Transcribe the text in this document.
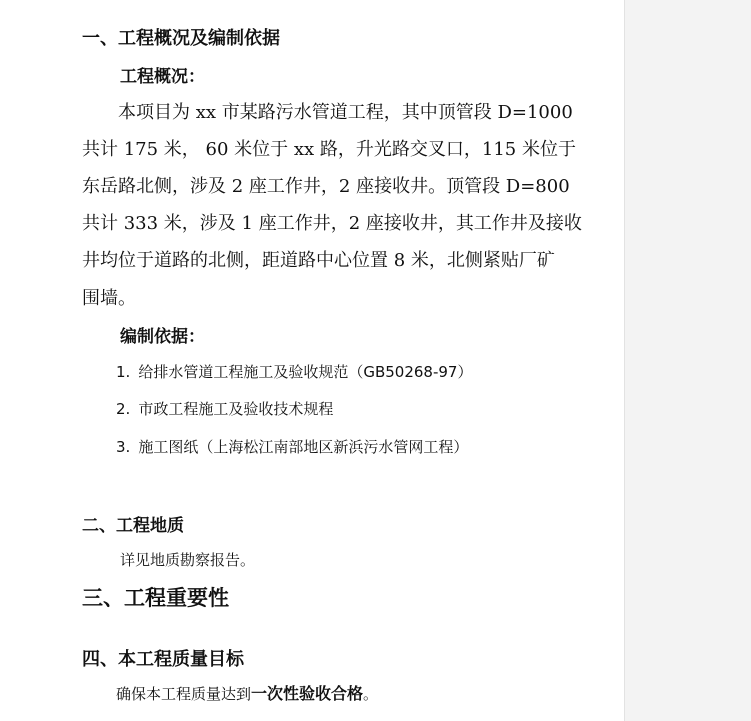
一、工程概况及编制依据
工程概况：
本项目为 xx 市某路污水管道工程，其中顶管段 D=1000
共计 175 米， 60 米位于 xx 路，升光路交叉口，115 米位于
东岳路北侧，涉及 2 座工作井，2 座接收井。顶管段 D=800
共计 333 米，涉及 1 座工作井，2 座接收井，其工作井及接收
井均位于道路的北侧，距道路中心位置 8 米，北侧紧贴厂矿
围墙。
编制依据：
1. 给排水管道工程施工及验收规范（GB50268-97）
2. 市政工程施工及验收技术规程
3. 施工图纸（上海松江南部地区新浜污水管网工程）
二、工程地质
详见地质勘察报告。
三、工程重要性
四、本工程质量目标
确保本工程质量达到一次性验收合格。
